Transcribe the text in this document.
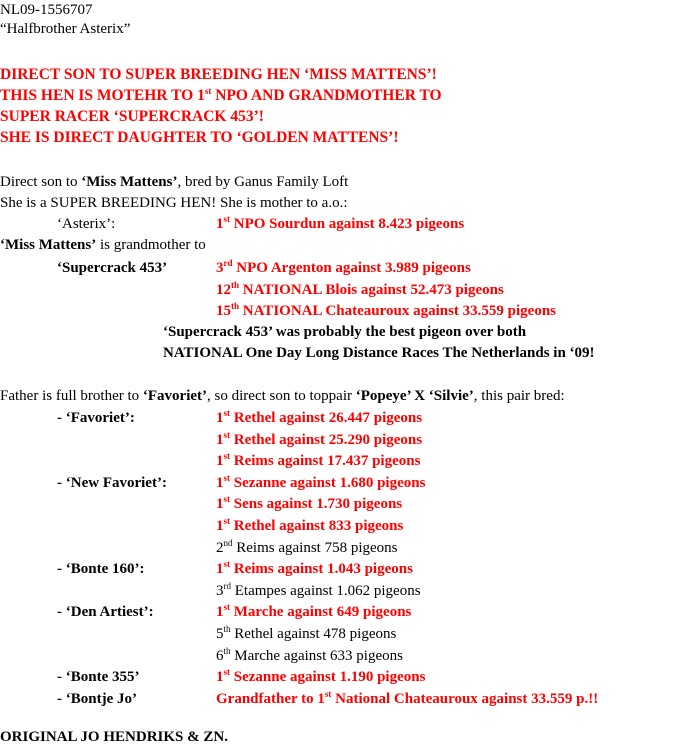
NL09-1556707
“Halfbrother Asterix”
DIRECT SON TO SUPER BREEDING HEN ‘MISS MATTENS’!
THIS HEN IS MOTEHR TO 1st NPO AND GRANDMOTHER TO
SUPER RACER ‘SUPERCRACK 453’!
SHE IS DIRECT DAUGHTER TO ‘GOLDEN MATTENS’!
Direct son to ‘Miss Mattens’, bred by Ganus Family Loft
She is a SUPER BREEDING HEN! She is mother to a.o.:
‘Asterix’:	1st NPO Sourdun against 8.423 pigeons
‘Miss Mattens’ is grandmother to
‘Supercrack 453’	3rd NPO Argenton against 3.989 pigeons
12th NATIONAL Blois against 52.473 pigeons
15th NATIONAL Chateauroux against 33.559 pigeons
‘Supercrack 453’ was probably the best pigeon over both
NATIONAL One Day Long Distance Races The Netherlands in ‘09!
Father is full brother to ‘Favoriet’, so direct son to toppair ‘Popeye’ X ‘Silvie’, this pair bred:
- ‘Favoriet’:	1st Rethel against 26.447 pigeons
1st Rethel against 25.290 pigeons
1st Reims against 17.437 pigeons
- ‘New Favoriet’:	1st Sezanne against 1.680 pigeons
1st Sens against 1.730 pigeons
1st Rethel against 833 pigeons
2nd Reims against 758 pigeons
- ‘Bonte 160’:	1st Reims against 1.043 pigeons
3rd Etampes against 1.062 pigeons
- ‘Den Artiest’:	1st Marche against 649 pigeons
5th Rethel against 478 pigeons
6th Marche against 633 pigeons
- ‘Bonte 355’	1st Sezanne against 1.190 pigeons
- ‘Bontje Jo’	Grandfather to 1st National Chateauroux against 33.559 p.!!
ORIGINAL JO HENDRIKS & ZN.
